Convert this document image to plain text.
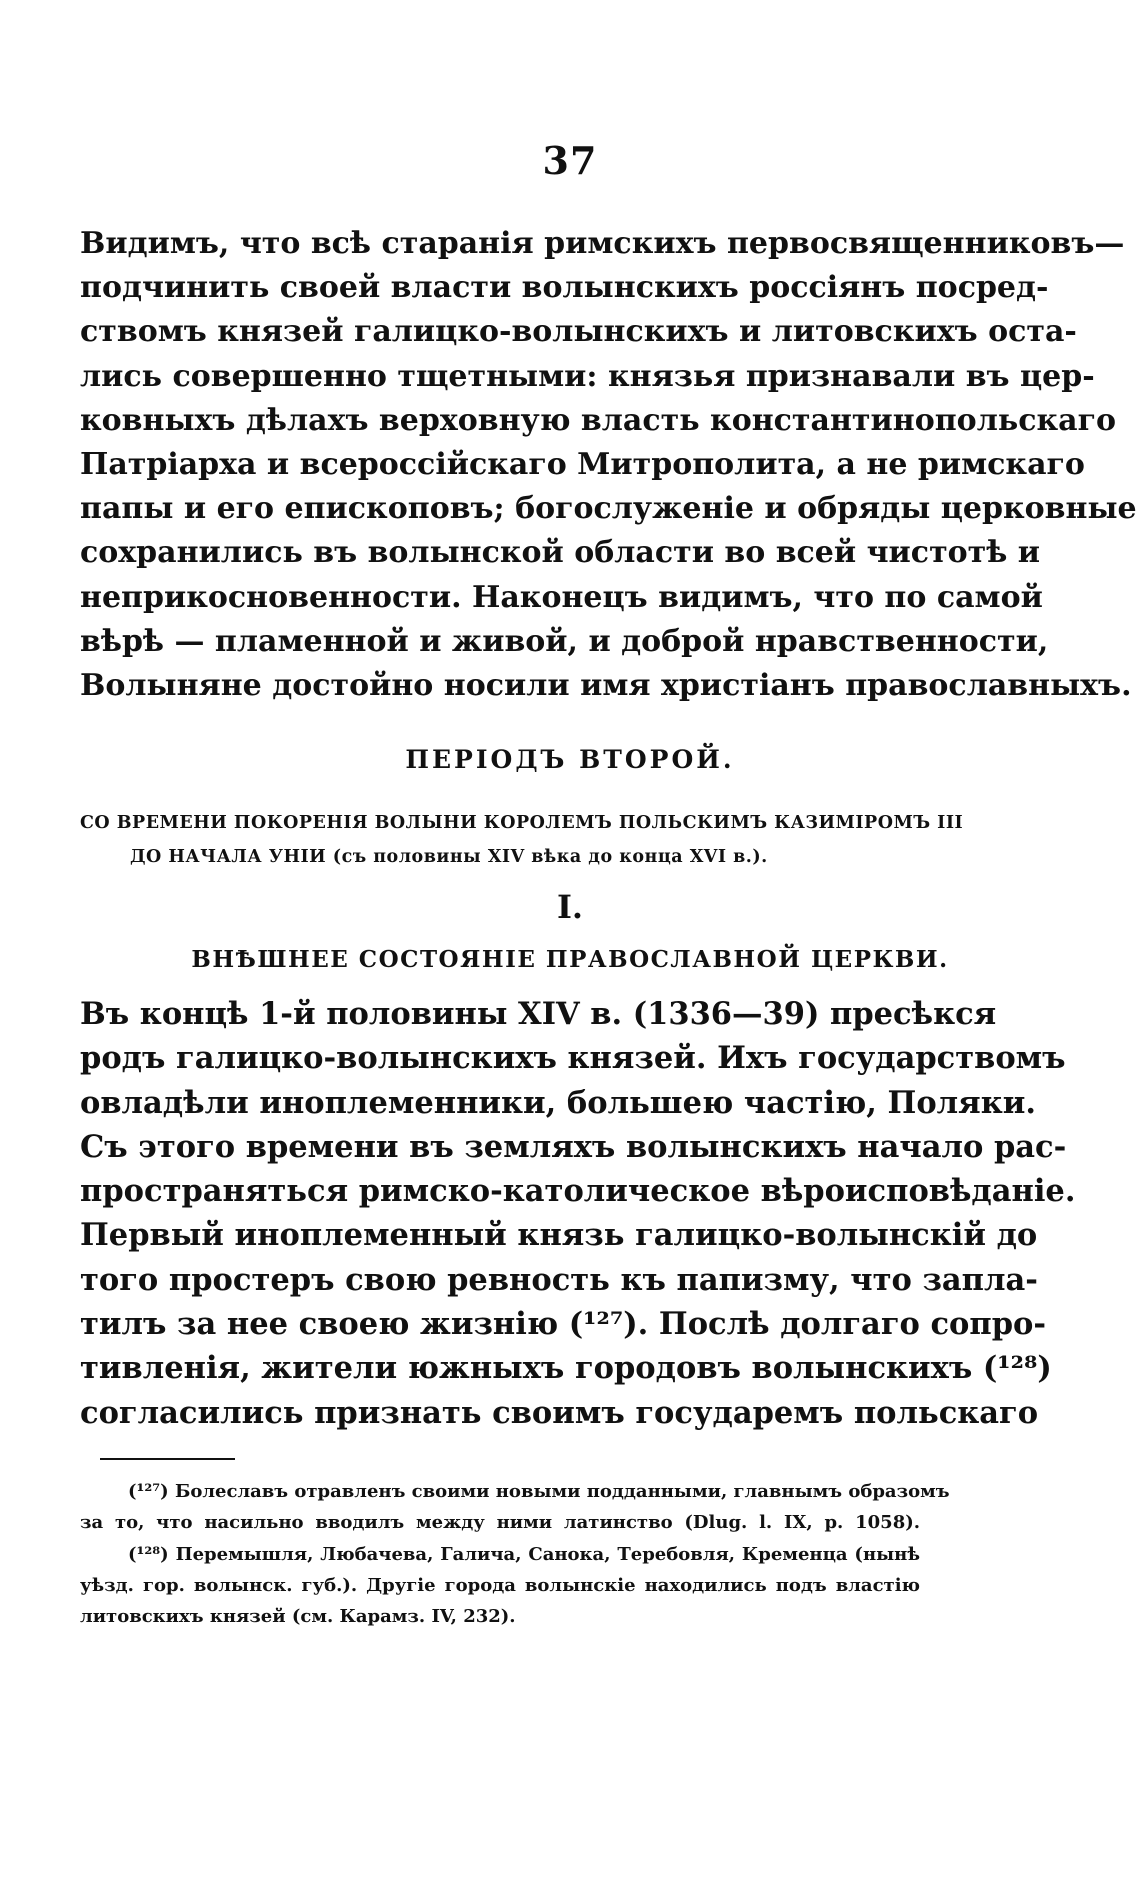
37
Видимъ, что всѣ старанія римскихъ первосвященниковъ—
подчинить своей власти волынскихъ россіянъ посред-
ствомъ князей галицко-волынскихъ и литовскихъ оста-
лись совершенно тщетными: князья признавали въ цер-
ковныхъ дѣлахъ верховную власть константинопольскаго
Патріарха и всероссійскаго Митрополита, а не римскаго
папы и его епископовъ; богослуженіе и обряды церковные
сохранились въ волынской области во всей чистотѣ и
неприкосновенности. Наконецъ видимъ, что по самой
вѣрѣ — пламенной и живой, и доброй нравственности,
Волыняне достойно носили имя христіанъ православныхъ.
ПЕРІОДЪ ВТОРОЙ.
СО ВРЕМЕНИ ПОКОРЕНІЯ ВОЛЫНИ КОРОЛЕМЪ ПОЛЬСКИМЪ КАЗИМІРОМЪ III
ДО НАЧАЛА УНІИ (съ половины XIV вѣка до конца XVI в.).
I.
ВНѢШНЕЕ СОСТОЯНІЕ ПРАВОСЛАВНОЙ ЦЕРКВИ.
Въ концѣ 1-й половины XIV в. (1336—39) пресѣкся
родъ галицко-волынскихъ князей. Ихъ государствомъ
овладѣли иноплеменники, большею частію, Поляки.
Съ этого времени въ земляхъ волынскихъ начало рас-
пространяться римско-католическое вѣроисповѣданіе.
Первый иноплеменный князь галицко-волынскій до
того простеръ свою ревность къ папизму, что запла-
тилъ за нее своею жизнію (¹²⁷). Послѣ долгаго сопро-
тивленія, жители южныхъ городовъ волынскихъ (¹²⁸)
согласились признать своимъ государемъ польскаго
(¹²⁷) Болеславъ отравленъ своими новыми подданными, главнымъ образомъ
за то, что насильно вводилъ между ними латинство (Dlug. l. IX, p. 1058).
(¹²⁸) Перемышля, Любачева, Галича, Санока, Теребовля, Кременца (нынѣ
уѣзд. гор. волынск. губ.). Другіе города волынскіе находились подъ властію
литовскихъ князей (см. Карамз. IV, 232).
